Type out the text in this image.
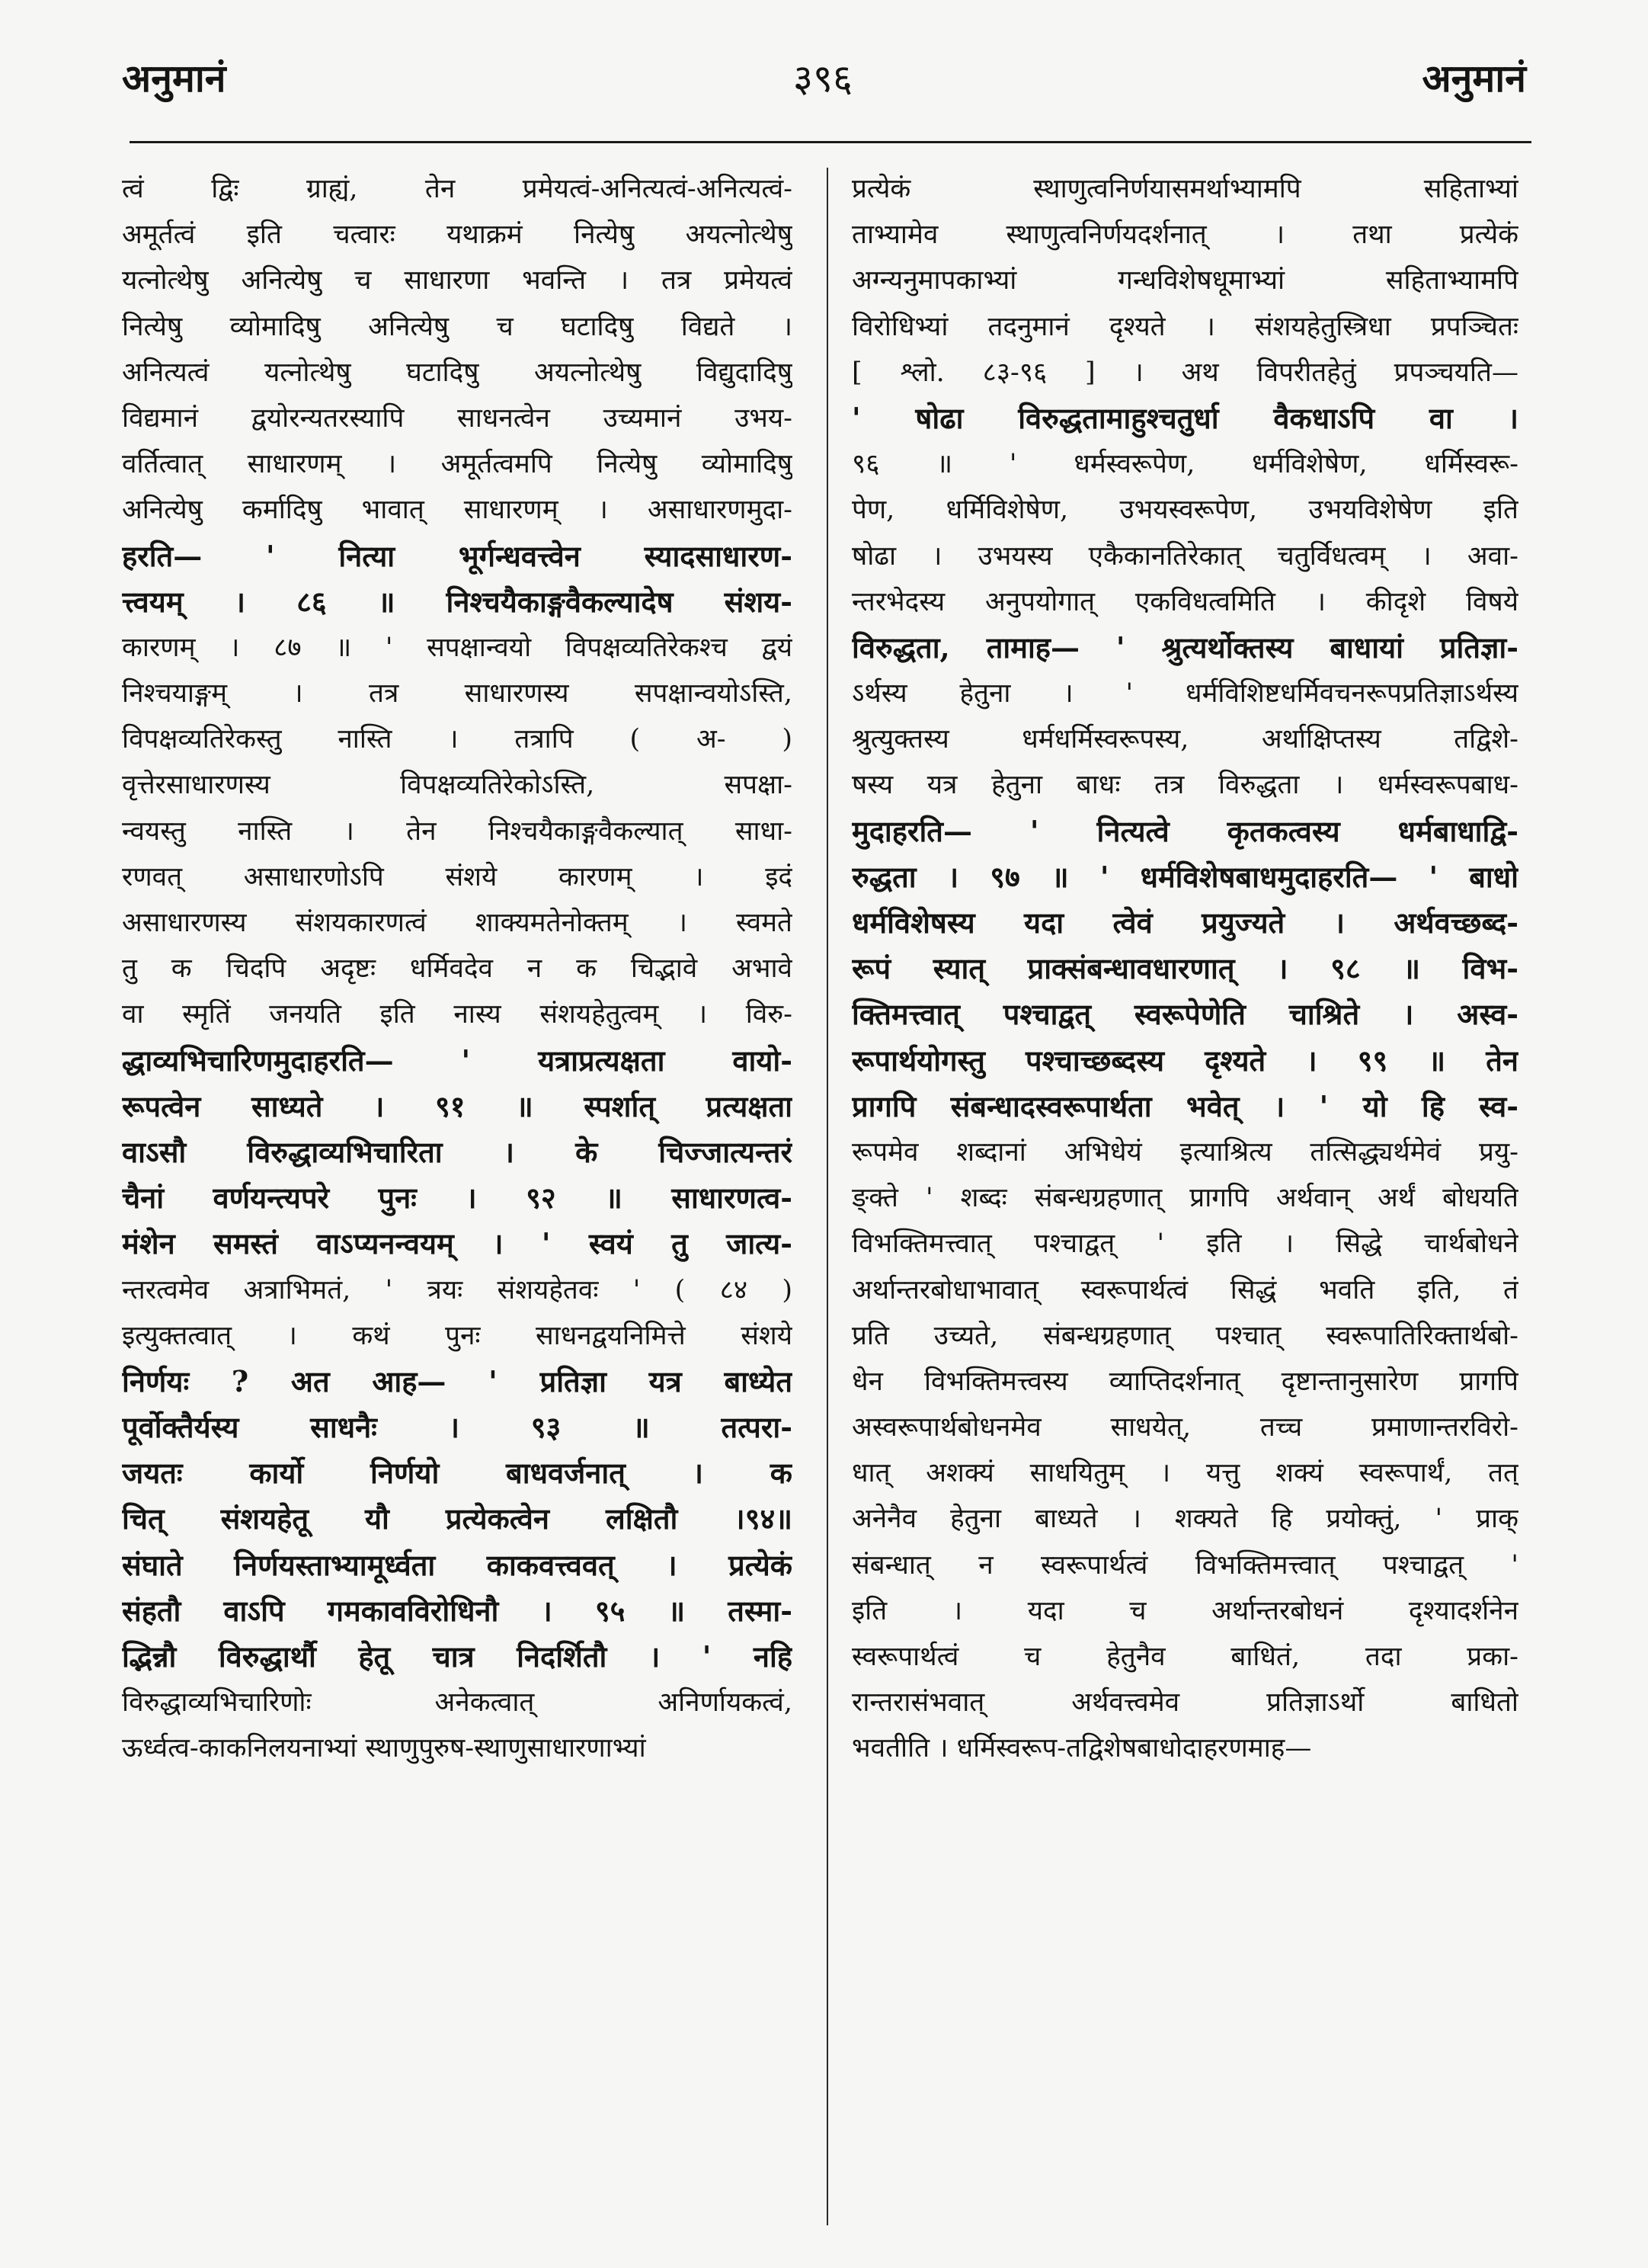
अनुमानं	३९६	अनुमानं
त्वं द्विः ग्राह्यं, तेन प्रमेयत्वं-अनित्यत्वं-अनित्यत्वं-
अमूर्तत्वं इति चत्वारः यथाक्रमं नित्येषु अयत्नोत्थेषु
यत्नोत्थेषु अनित्येषु च साधारणा भवन्ति । तत्र प्रमेयत्वं
नित्येषु व्योमादिषु अनित्येषु च घटादिषु विद्यते ।
अनित्यत्वं यत्नोत्थेषु घटादिषु अयत्नोत्थेषु विद्युदादिषु
विद्यमानं द्वयोरन्यतरस्यापि साधनत्वेन उच्यमानं उभय-
वर्तित्वात् साधारणम् । अमूर्तत्वमपि नित्येषु व्योमादिषु
अनित्येषु कर्मादिषु भावात् साधारणम् । असाधारणमुदा-
हरति— ' नित्या भूर्गन्धवत्त्वेन स्यादसाधारण-
त्त्वयम् । ८६ ॥ निश्चयैकाङ्गवैकल्यादेष संशय-
कारणम् । ८७ ॥ ' सपक्षान्वयो विपक्षव्यतिरेकश्च द्वयं
निश्चयाङ्गम् । तत्र साधारणस्य सपक्षान्वयोऽस्ति,
विपक्षव्यतिरेकस्तु नास्ति । तत्रापि ( अ- )
वृत्तेरसाधारणस्य विपक्षव्यतिरेकोऽस्ति, सपक्षा-
न्वयस्तु नास्ति । तेन निश्चयैकाङ्गवैकल्यात् साधा-
रणवत् असाधारणोऽपि संशये कारणम् । इदं
असाधारणस्य संशयकारणत्वं शाक्यमतेनोक्तम् । स्वमते
तु क चिदपि अदृष्टः धर्मिवदेव न क चिद्भावे अभावे
वा स्मृतिं जनयति इति नास्य संशयहेतुत्वम् । विरु-
द्धाव्यभिचारिणमुदाहरति— ' यत्राप्रत्यक्षता वायो-
रूपत्वेन साध्यते । ९१ ॥ स्पर्शात् प्रत्यक्षता
वाऽसौ विरुद्धाव्यभिचारिता । के चिज्जात्यन्तरं
चैनां वर्णयन्त्यपरे पुनः । ९२ ॥ साधारणत्व-
मंशेन समस्तं वाऽप्यनन्वयम् । ' स्वयं तु जात्य-
न्तरत्वमेव अत्राभिमतं, ' त्रयः संशयहेतवः ' ( ८४ )
इत्युक्तत्वात् । कथं पुनः साधनद्वयनिमित्ते संशये
निर्णयः ? अत आह— ' प्रतिज्ञा यत्र बाध्येत
पूर्वोक्तैर्यस्य साधनैः । ९३ ॥ तत्परा-
जयतः कार्यो निर्णयो बाधवर्जनात् । क
चित् संशयहेतू यौ प्रत्येकत्वेन लक्षितौ ।९४॥
संघाते निर्णयस्ताभ्यामूर्ध्वता काकवत्त्ववत् । प्रत्येकं
संहतौ वाऽपि गमकावविरोधिनौ । ९५ ॥ तस्मा-
द्भिन्नौ विरुद्धार्थौ हेतू चात्र निदर्शितौ । ' नहि
विरुद्धाव्यभिचारिणोः अनेकत्वात् अनिर्णायकत्वं,
ऊर्ध्वत्व-काकनिलयनाभ्यां स्थाणुपुरुष-स्थाणुसाधारणाभ्यां
प्रत्येकं स्थाणुत्वनिर्णयासमर्थाभ्यामपि सहिताभ्यां
ताभ्यामेव स्थाणुत्वनिर्णयदर्शनात् । तथा प्रत्येकं
अग्न्यनुमापकाभ्यां गन्धविशेषधूमाभ्यां सहिताभ्यामपि
विरोधिभ्यां तदनुमानं दृश्यते । संशयहेतुस्त्रिधा प्रपञ्चितः
[ श्लो. ८३-९६ ] । अथ विपरीतहेतुं प्रपञ्चयति—
' षोढा विरुद्धतामाहुश्चतुर्धा वैकधाऽपि वा ।
९६ ॥ ' धर्मस्वरूपेण, धर्मविशेषेण, धर्मिस्वरू-
पेण, धर्मिविशेषेण, उभयस्वरूपेण, उभयविशेषेण इति
षोढा । उभयस्य एकैकानतिरेकात् चतुर्विधत्वम् । अवा-
न्तरभेदस्य अनुपयोगात् एकविधत्वमिति । कीदृशे विषये
विरुद्धता, तामाह— ' श्रुत्यर्थोक्तस्य बाधायां प्रतिज्ञा-
ऽर्थस्य हेतुना । ' धर्मविशिष्टधर्मिवचनरूपप्रतिज्ञाऽर्थस्य
श्रुत्युक्तस्य धर्मधर्मिस्वरूपस्य, अर्थाक्षिप्तस्य तद्विशे-
षस्य यत्र हेतुना बाधः तत्र विरुद्धता । धर्मस्वरूपबाध-
मुदाहरति— ' नित्यत्वे कृतकत्वस्य धर्मबाधाद्वि-
रुद्धता । ९७ ॥ ' धर्मविशेषबाधमुदाहरति— ' बाधो
धर्मविशेषस्य यदा त्वेवं प्रयुज्यते । अर्थवच्छब्द-
रूपं स्यात् प्राक्संबन्धावधारणात् । ९८ ॥ विभ-
क्तिमत्त्वात् पश्चाद्वत् स्वरूपेणेति चाश्रिते । अस्व-
रूपार्थयोगस्तु पश्चाच्छब्दस्य दृश्यते । ९९ ॥ तेन
प्रागपि संबन्धादस्वरूपार्थता भवेत् । ' यो हि स्व-
रूपमेव शब्दानां अभिधेयं इत्याश्रित्य तत्सिद्ध्यर्थमेवं प्रयु-
ङ्क्ते ' शब्दः संबन्धग्रहणात् प्रागपि अर्थवान् अर्थं बोधयति
विभक्तिमत्त्वात् पश्चाद्वत् ' इति । सिद्धे चार्थबोधने
अर्थान्तरबोधाभावात् स्वरूपार्थत्वं सिद्धं भवति इति, तं
प्रति उच्यते, संबन्धग्रहणात् पश्चात् स्वरूपातिरिक्तार्थबो-
धेन विभक्तिमत्त्वस्य व्याप्तिदर्शनात् दृष्टान्तानुसारेण प्रागपि
अस्वरूपार्थबोधनमेव साधयेत्, तच्च प्रमाणान्तरविरो-
धात् अशक्यं साधयितुम् । यत्तु शक्यं स्वरूपार्थं, तत्
अनेनैव हेतुना बाध्यते । शक्यते हि प्रयोक्तुं, ' प्राक्
संबन्धात् न स्वरूपार्थत्वं विभक्तिमत्त्वात् पश्चाद्वत् '
इति । यदा च अर्थान्तरबोधनं दृश्यादर्शनेन
स्वरूपार्थत्वं च हेतुनैव बाधितं, तदा प्रका-
रान्तरासंभवात् अर्थवत्त्वमेव प्रतिज्ञाऽर्थो बाधितो
भवतीति । धर्मिस्वरूप-तद्विशेषबाधोदाहरणमाह—
